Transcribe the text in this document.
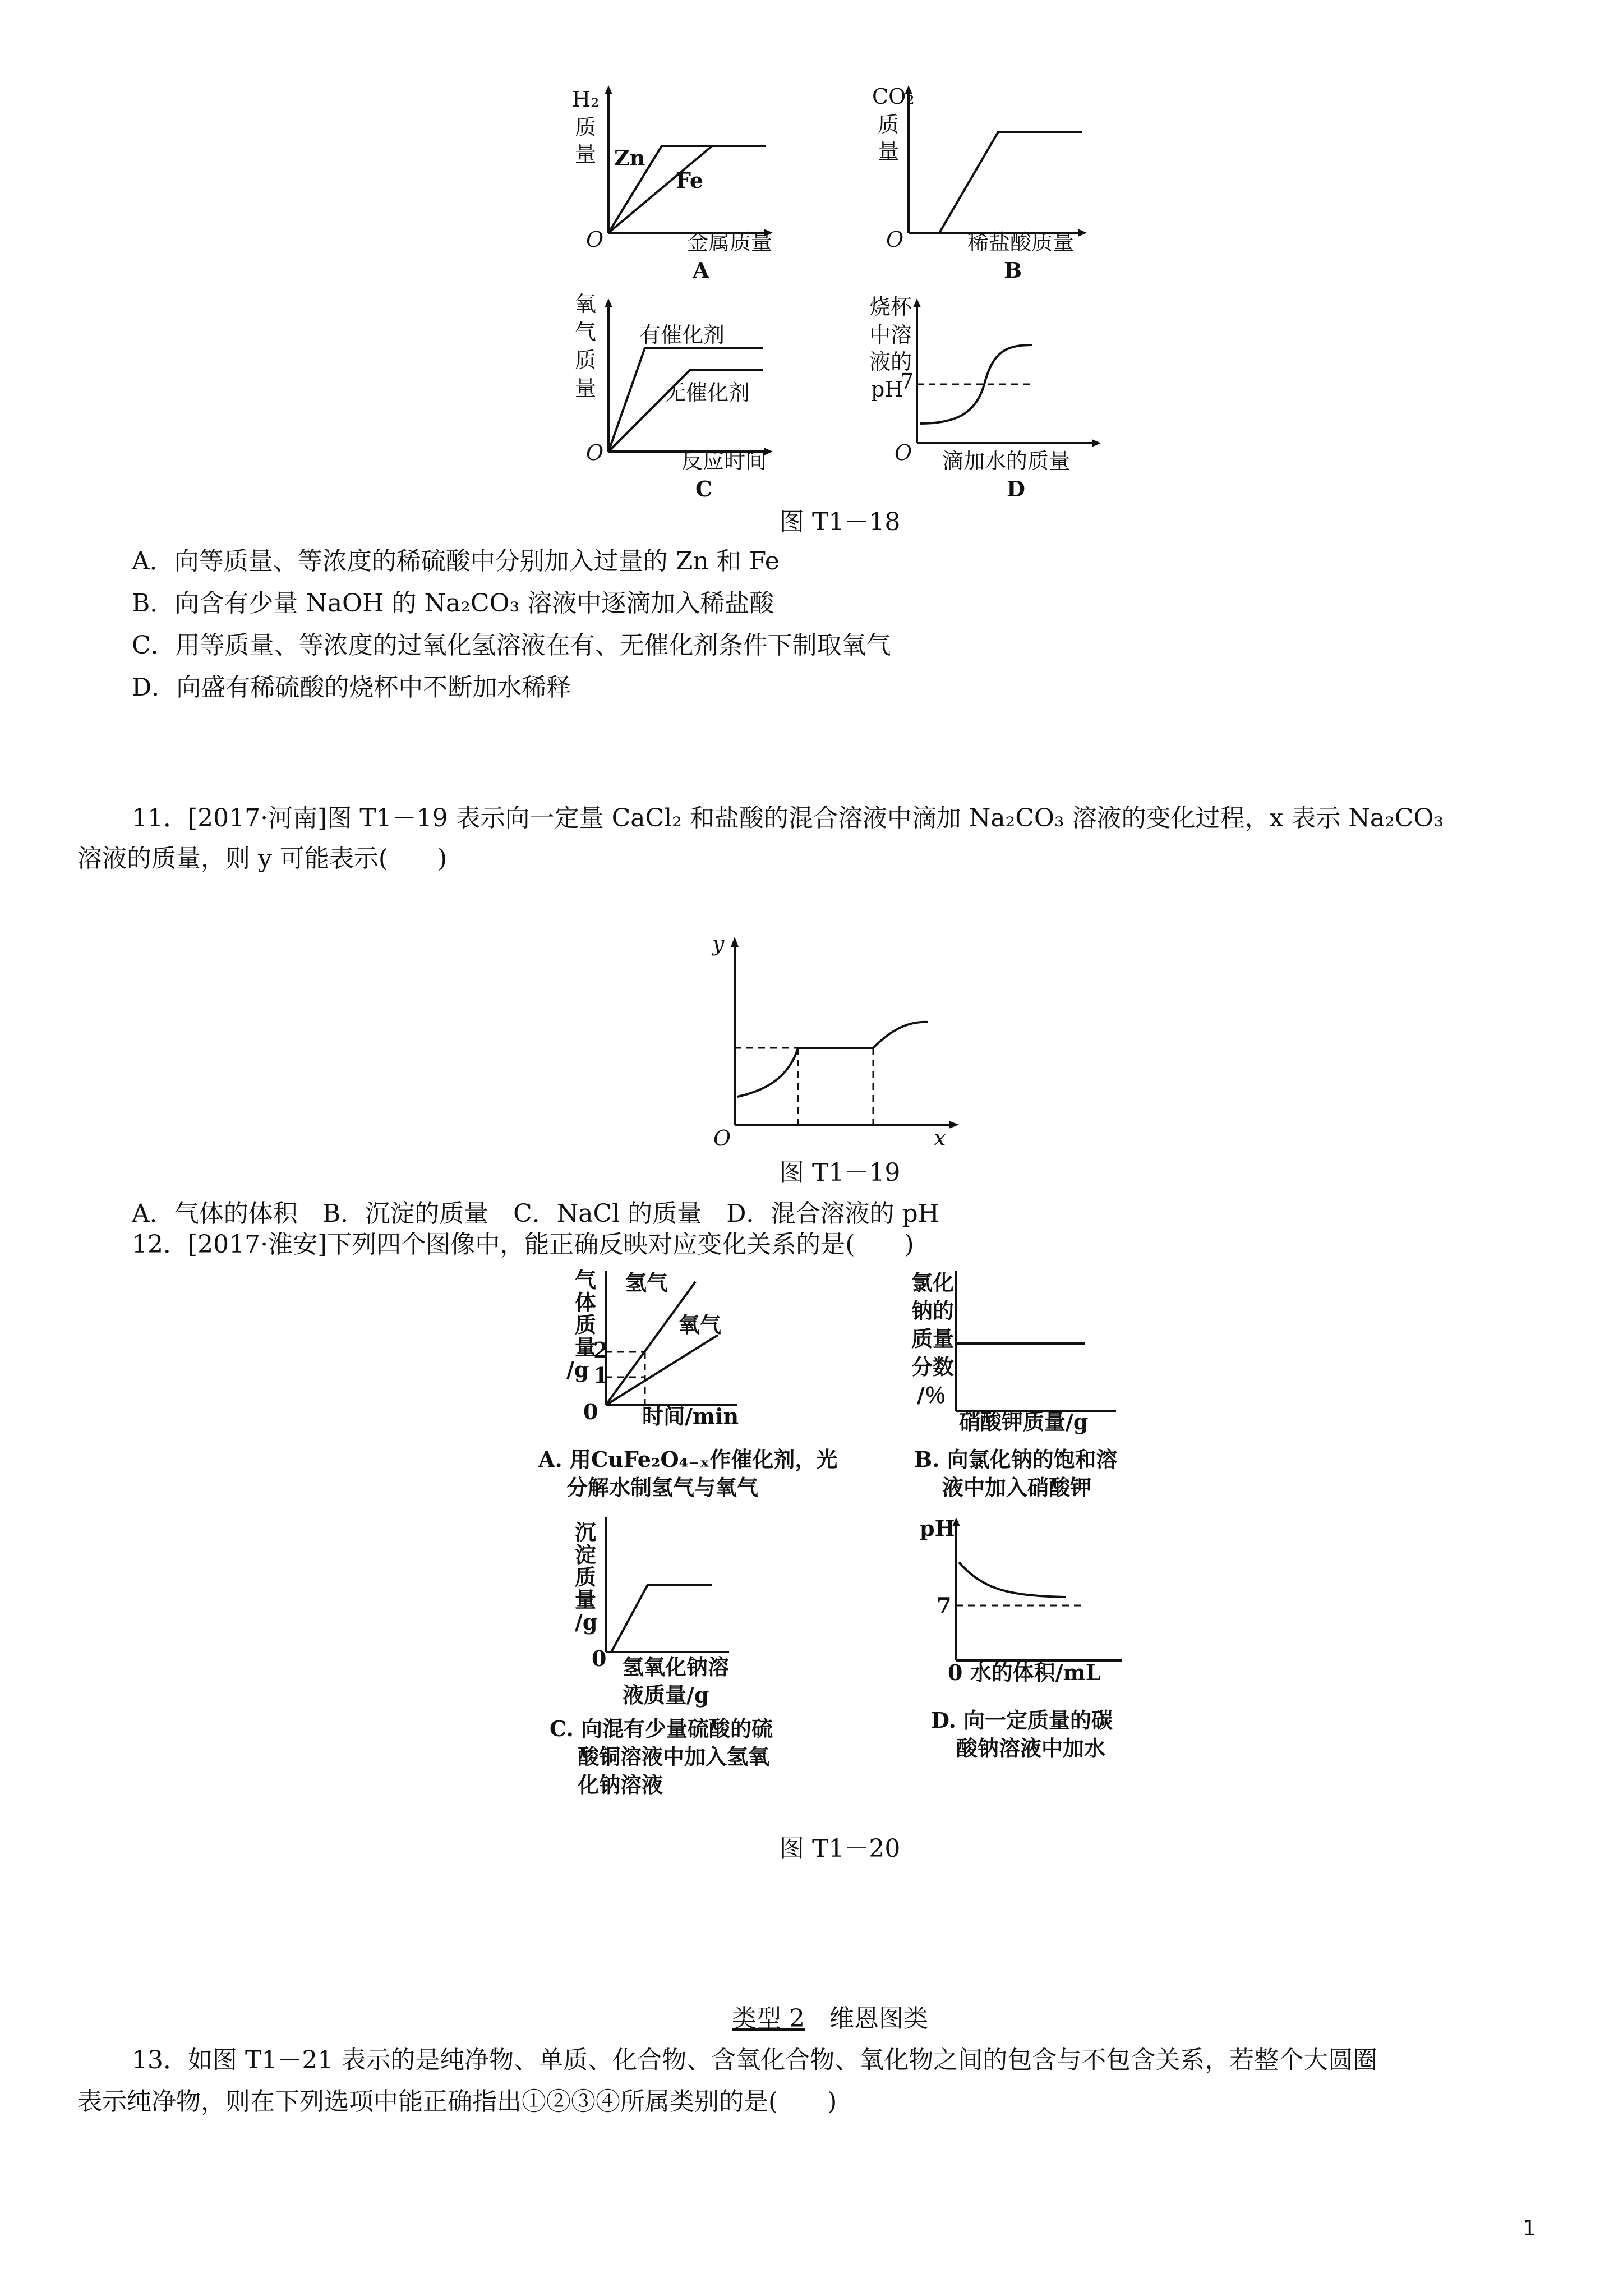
H₂
质
量 Zn
Fe
O	金属质量
A
CO₂
质
量
O	稀盐酸质量
B
氧
气
质
量
有催化剂
无催化剂
O	反应时间
C
烧杯
中溶
液的
pH
7
O 滴加水的质量
D
图 T1－18
A．向等质量、等浓度的稀硫酸中分别加入过量的 Zn 和 Fe
B．向含有少量 NaOH 的 Na₂CO₃ 溶液中逐滴加入稀盐酸
C．用等质量、等浓度的过氧化氢溶液在有、无催化剂条件下制取氧气
D．向盛有稀硫酸的烧杯中不断加水稀释
11．[2017·河南]图 T1－19 表示向一定量 CaCl₂ 和盐酸的混合溶液中滴加 Na₂CO₃ 溶液的变化过程，x 表示 Na₂CO₃
溶液的质量，则 y 可能表示(　　)
y
O	x
图 T1－19
A．气体的体积　B．沉淀的质量　C．NaCl 的质量　D．混合溶液的 pH
12．[2017·淮安]下列四个图像中，能正确反映对应变化关系的是(　　)
气
体
质
量
/g
2
1
氢气
氧气
0 时间/min
A. 用CuFe₂O₄₋ₓ作催化剂，光
分解水制氢气与氧气
氯化
钠的
质量
分数
/％
硝酸钾质量/g
B. 向氯化钠的饱和溶
液中加入硝酸钾
沉
淀
质
量
/g
0 氢氧化钠溶
液质量/g
C. 向混有少量硫酸的硫
酸铜溶液中加入氢氧
化钠溶液
pH
7
0 水的体积/mL
D. 向一定质量的碳
酸钠溶液中加水
图 T1－20
类型 2　维恩图类
13．如图 T1－21 表示的是纯净物、单质、化合物、含氧化合物、氧化物之间的包含与不包含关系，若整个大圆圈
表示纯净物，则在下列选项中能正确指出①②③④所属类别的是(　　)
1
